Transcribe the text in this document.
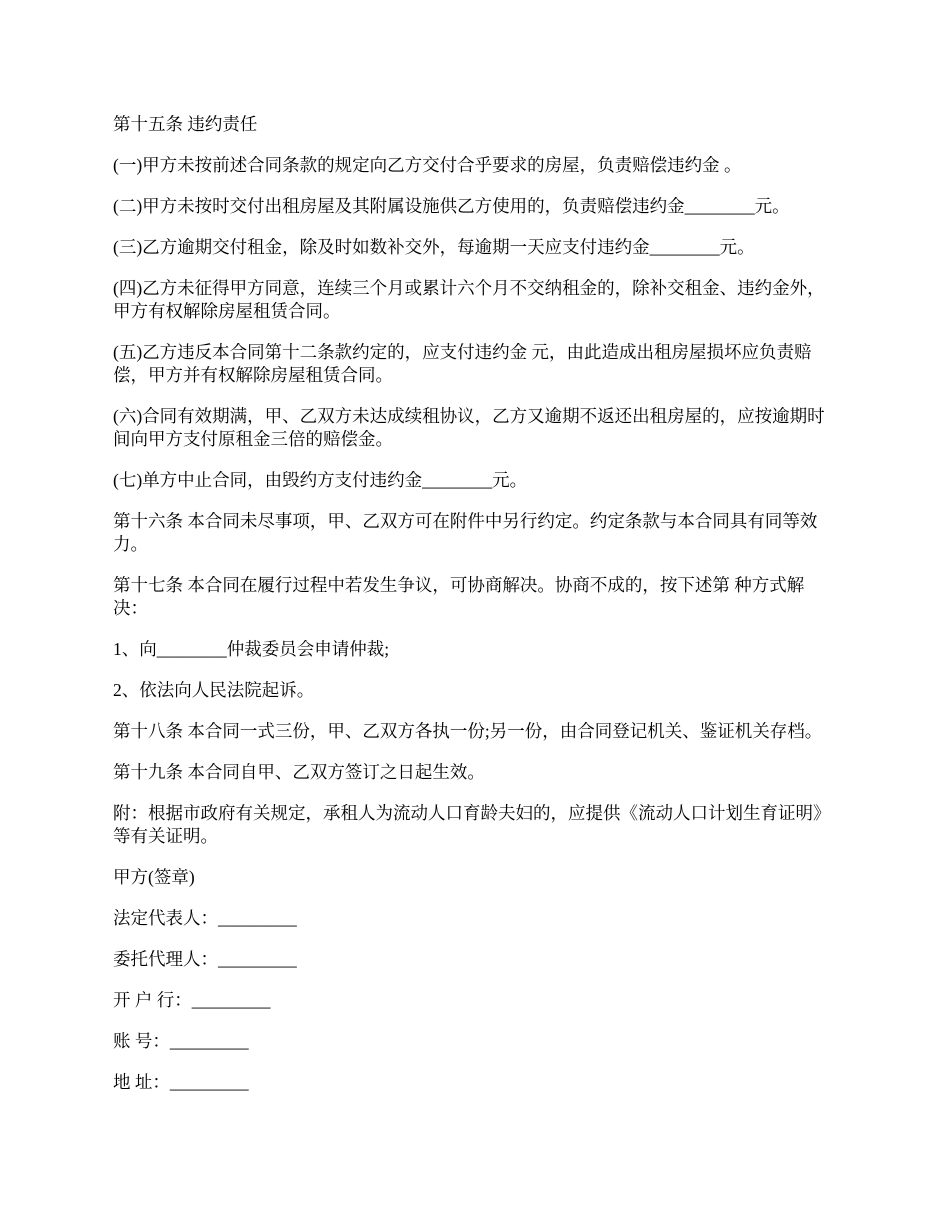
第十五条 违约责任

(一)甲方未按前述合同条款的规定向乙方交付合乎要求的房屋，负责赔偿违约金 。

(二)甲方未按时交付出租房屋及其附属设施供乙方使用的，负责赔偿违约金________元。

(三)乙方逾期交付租金，除及时如数补交外，每逾期一天应支付违约金________元。

(四)乙方未征得甲方同意，连续三个月或累计六个月不交纳租金的，除补交租金、违约金外，甲方有权解除房屋租赁合同。

(五)乙方违反本合同第十二条款约定的，应支付违约金 元，由此造成出租房屋损坏应负责赔偿，甲方并有权解除房屋租赁合同。

(六)合同有效期满，甲、乙双方未达成续租协议，乙方又逾期不返还出租房屋的，应按逾期时间向甲方支付原租金三倍的赔偿金。

(七)单方中止合同，由毁约方支付违约金________元。

第十六条 本合同未尽事项，甲、乙双方可在附件中另行约定。约定条款与本合同具有同等效力。

第十七条 本合同在履行过程中若发生争议，可协商解决。协商不成的，按下述第 种方式解决：

1、向________仲裁委员会申请仲裁;

2、依法向人民法院起诉。

第十八条 本合同一式三份，甲、乙双方各执一份;另一份，由合同登记机关、鉴证机关存档。

第十九条 本合同自甲、乙双方签订之日起生效。

附：根据市政府有关规定，承租人为流动人口育龄夫妇的，应提供《流动人口计划生育证明》等有关证明。

甲方(签章)

法定代表人：_________

委托代理人：_________

开 户 行：_________

账 号：_________

地 址：_________
